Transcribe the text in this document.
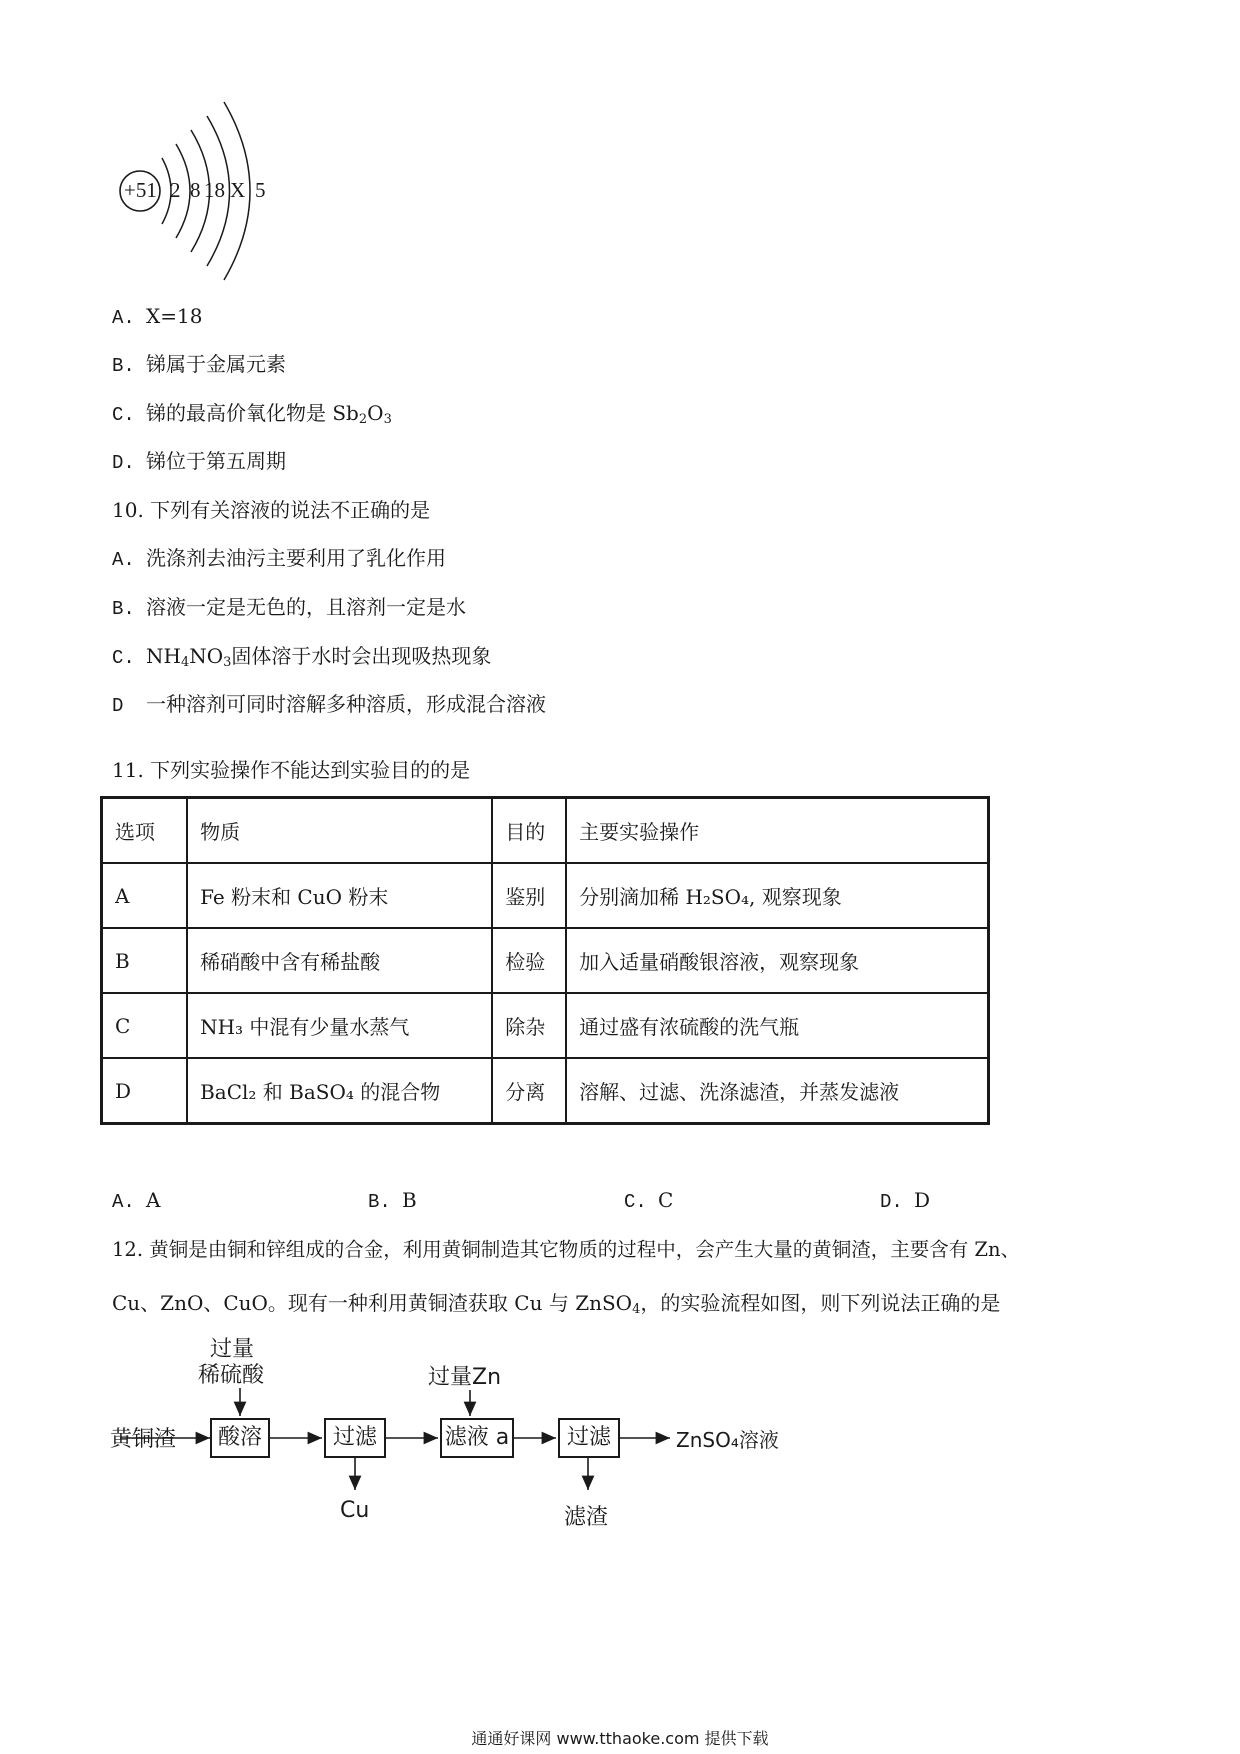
+51 2 8 18 X 5
A. X=18
B. 锑属于金属元素
C. 锑的最高价氧化物是 $Sb_2O_3$
D. 锑位于第五周期
10. 下列有关溶液的说法不正确的是
A. 洗涤剂去油污主要利用了乳化作用
B. 溶液一定是无色的，且溶剂一定是水
C. $NH_4NO_3$固体溶于水时会出现吸热现象
D 一种溶剂可同时溶解多种溶质，形成混合溶液
11. 下列实验操作不能达到实验目的的是
选项	物质	目的	主要实验操作
A	Fe 粉末和 CuO 粉末	鉴别	分别滴加稀 H₂SO₄, 观察现象
B	稀硝酸中含有稀盐酸	检验	加入适量硝酸银溶液，观察现象
C	NH₃ 中混有少量水蒸气	除杂	通过盛有浓硫酸的洗气瓶
D	BaCl₂ 和 BaSO₄ 的混合物	分离	溶解、过滤、洗涤滤渣，并蒸发滤液
A. A	B. B	C. C	D. D
12. 黄铜是由铜和锌组成的合金，利用黄铜制造其它物质的过程中，会产生大量的黄铜渣，主要含有 Zn、
Cu、ZnO、CuO。现有一种利用黄铜渣获取 Cu 与 ZnSO$_4$，的实验流程如图，则下列说法正确的是
黄铜渣
过量
稀硫酸
酸溶	过滤
Cu
过量Zn
滤液 a	过滤
滤渣
ZnSO₄溶液
通通好课网 www.tthaoke.com 提供下载
